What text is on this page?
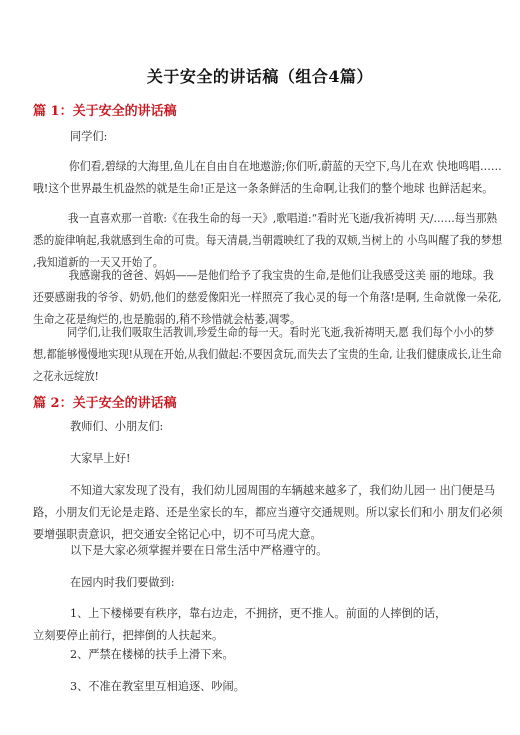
关于安全的讲话稿（组合4篇）
篇 1：关于安全的讲话稿
同学们:
你们看,碧绿的大海里,鱼儿在自由自在地遨游;你们听,蔚蓝的天空下,鸟儿在欢 快地鸣唱……
哦!这个世界最生机盎然的就是生命!正是这一条条鲜活的生命啊,让我们的整个地球 也鲜活起来。
我一直喜欢那一首歌:《在我生命的每一天》,歌唱道:“看时光飞逝/我祈祷明 天/……每当那熟
悉的旋律响起,我就感到生命的可贵。每天清晨,当朝霞映红了我的双颊,当树上的 小鸟叫醒了我的梦想
,我知道新的一天又开始了。
我感谢我的爸爸、妈妈——是他们给予了我宝贵的生命,是他们让我感受这美 丽的地球。我
还要感谢我的爷爷、奶奶,他们的慈爱像阳光一样照亮了我心灵的每一个角落!是啊, 生命就像一朵花,
生命之花是绚烂的,也是脆弱的,稍不珍惜就会枯萎,凋零。
同学们,让我们吸取生活教训,珍爱生命的每一天。看时光飞逝,我祈祷明天,愿 我们每个小小的梦
想,都能够慢慢地实现!从现在开始,从我们做起:不要因贪玩,而失去了宝贵的生命, 让我们健康成长,让生命
之花永远绽放!
篇 2：关于安全的讲话稿
教师们、小朋友们:
大家早上好!
不知道大家发现了没有，我们幼儿园周围的车辆越来越多了，我们幼儿园一 出门便是马
路，小朋友们无论是走路、还是坐家长的车，都应当遵守交通规则。所以家长们和小 朋友们必须
要增强职责意识，把交通安全铭记心中，切不可马虎大意。
以下是大家必须掌握并要在日常生活中严格遵守的。
在园内时我们要做到:
1、上下楼梯要有秩序，靠右边走，不拥挤，更不推人。前面的人摔倒的话，
立刻要停止前行，把摔倒的人扶起来。
2、严禁在楼梯的扶手上滑下来。
3、不准在教室里互相追逐、吵闹。
